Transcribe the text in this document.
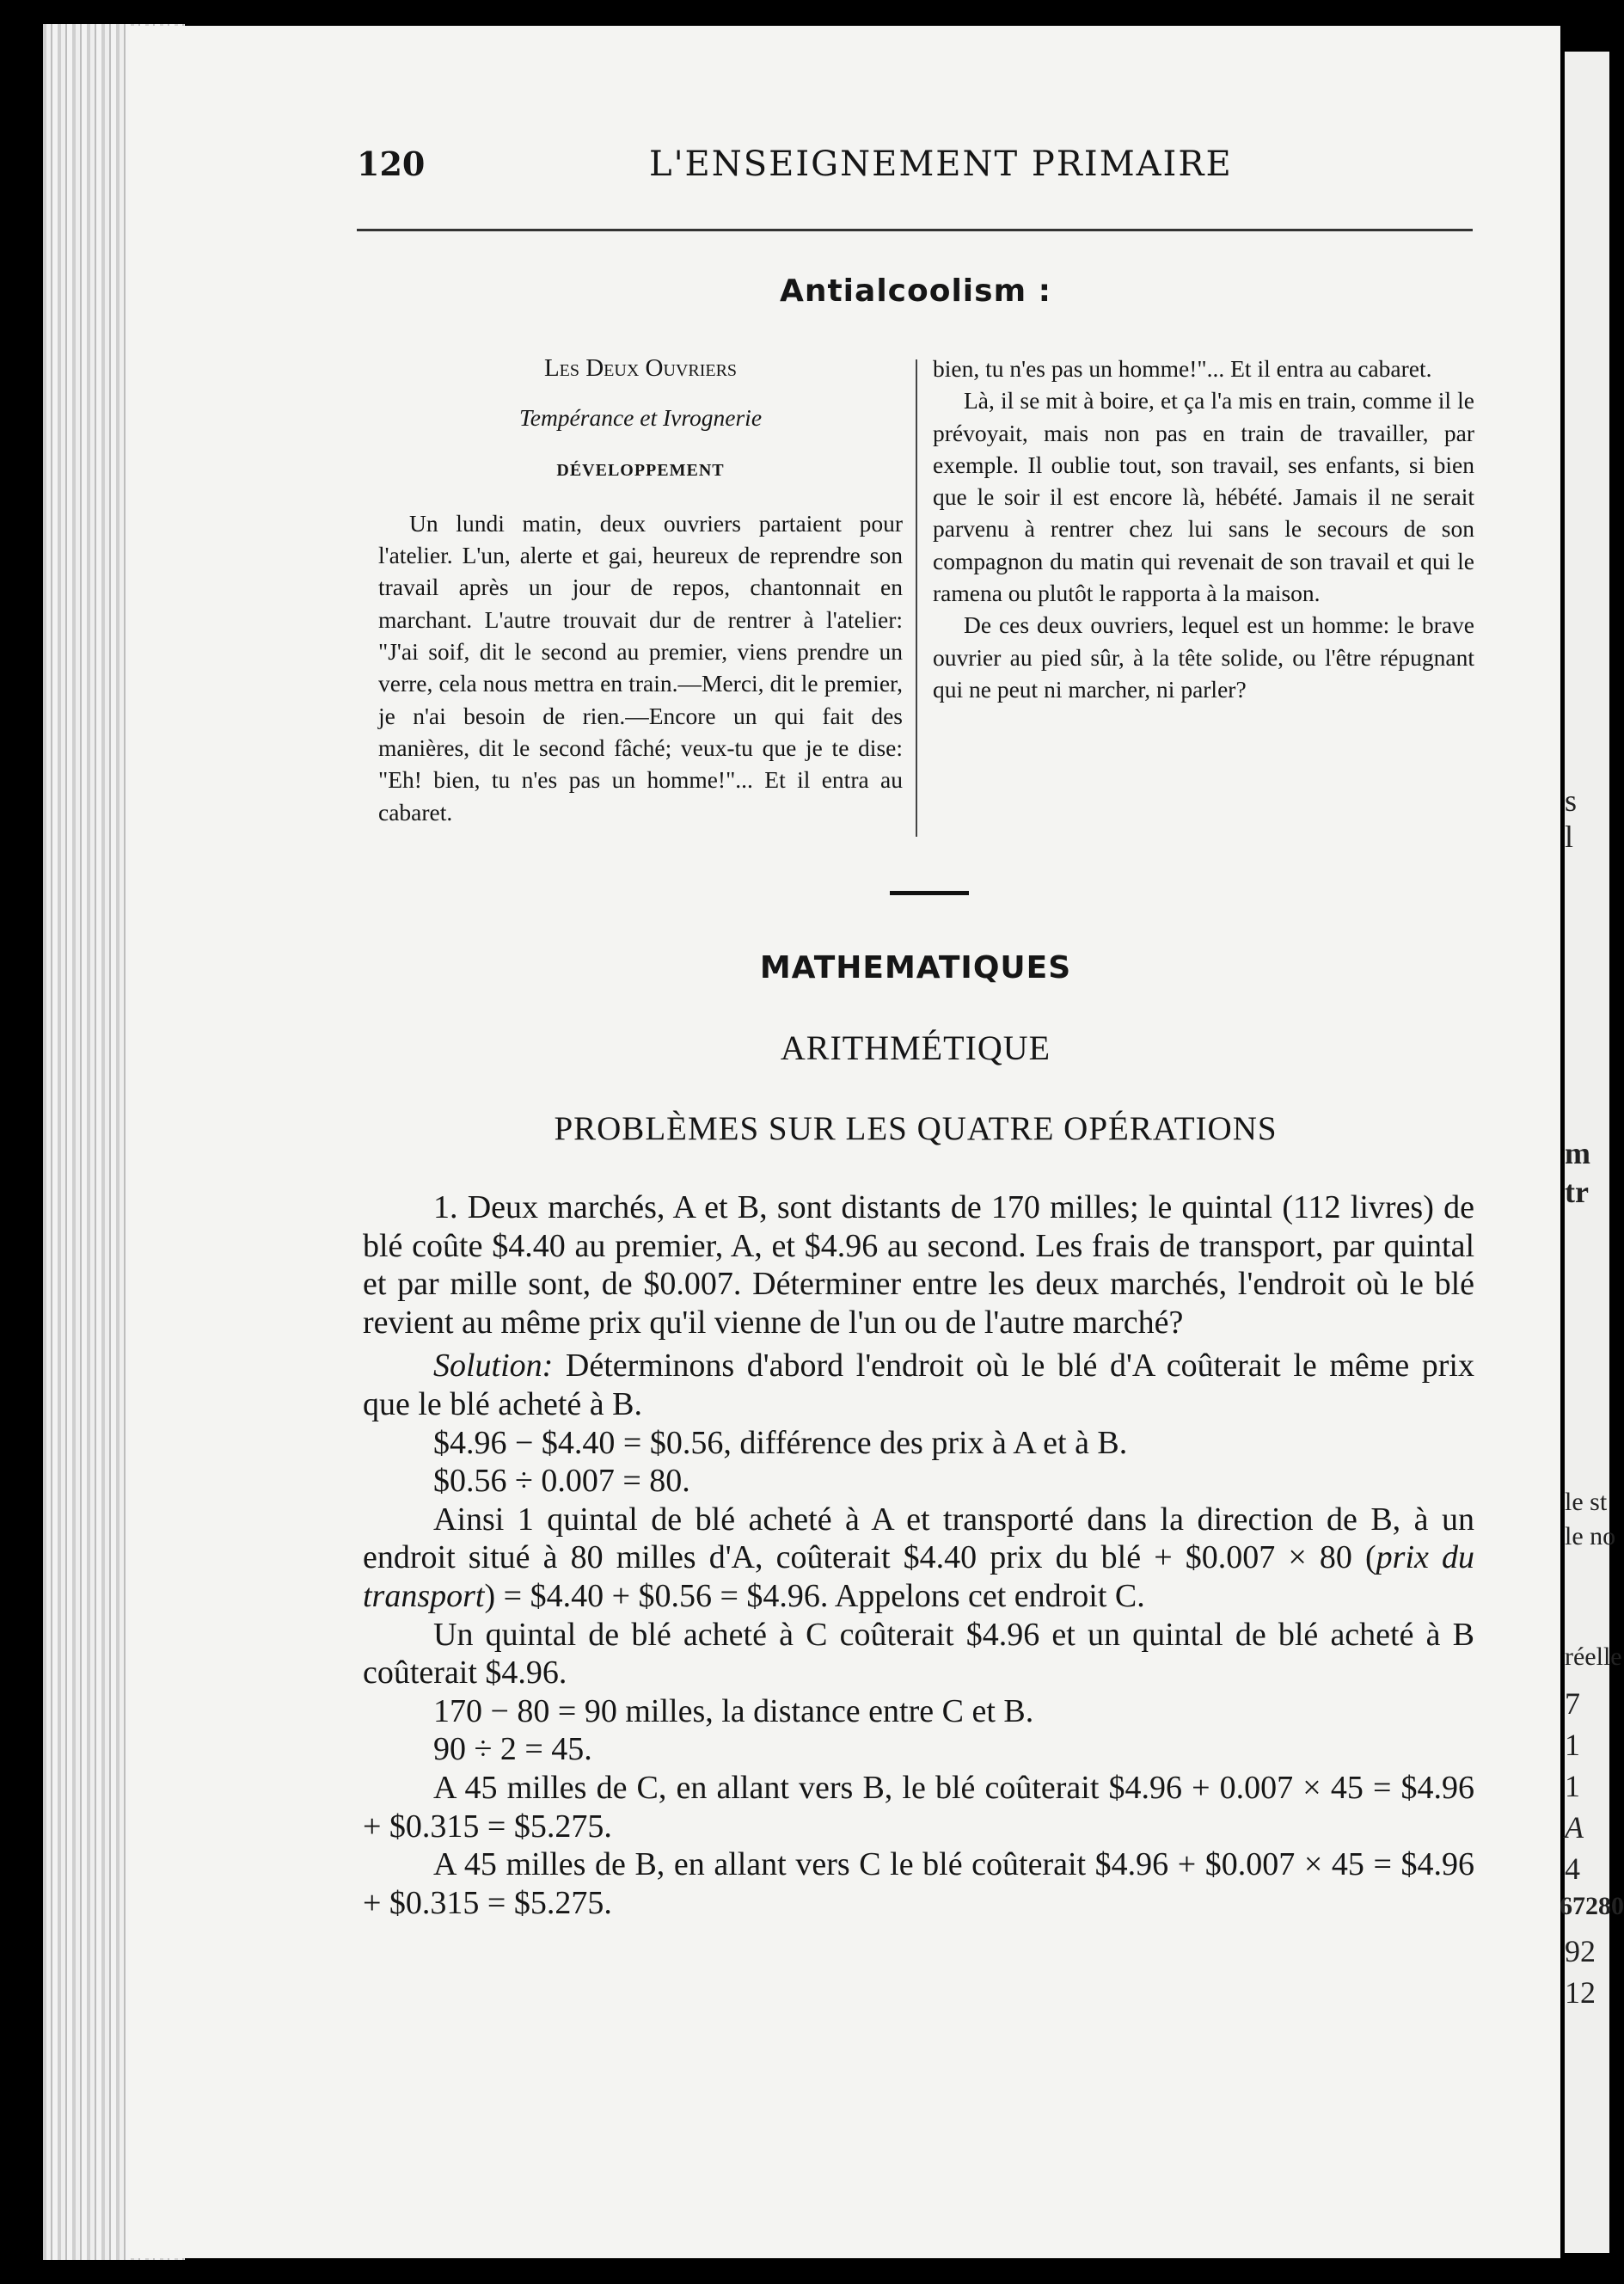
s
l
m
tr
le st
le no
réelle
7
1
1
A
4
67280
92
12
120	L'ENSEIGNEMENT PRIMAIRE
Antialcoolism :
Les Deux Ouvriers
Tempérance et Ivrognerie
DÉVELOPPEMENT

Un lundi matin, deux ouvriers partaient pour l'atelier. L'un, alerte et gai, heureux de reprendre son travail après un jour de repos, chantonnait en marchant. L'autre trouvait dur de rentrer à l'atelier: "J'ai soif, dit le second au premier, viens prendre un verre, cela nous mettra en train.—Merci, dit le premier, je n'ai besoin de rien.—Encore un qui fait des manières, dit le second fâché; veux-tu que je te dise: "Eh! bien, tu n'es pas un homme!"... Et il entra au cabaret.

bien, tu n'es pas un homme!"... Et il entra au cabaret.

Là, il se mit à boire, et ça l'a mis en train, comme il le prévoyait, mais non pas en train de travailler, par exemple. Il oublie tout, son travail, ses enfants, si bien que le soir il est encore là, hébété. Jamais il ne serait parvenu à rentrer chez lui sans le secours de son compagnon du matin qui revenait de son travail et qui le ramena ou plutôt le rapporta à la maison.

De ces deux ouvriers, lequel est un homme: le brave ouvrier au pied sûr, à la tête solide, ou l'être répugnant qui ne peut ni marcher, ni parler?

MATHEMATIQUES
ARITHMÉTIQUE
PROBLÈMES SUR LES QUATRE OPÉRATIONS

1. Deux marchés, A et B, sont distants de 170 milles; le quintal (112 livres) de blé coûte $4.40 au premier, A, et $4.96 au second. Les frais de transport, par quintal et par mille sont, de $0.007. Déterminer entre les deux marchés, l'endroit où le blé revient au même prix qu'il vienne de l'un ou de l'autre marché?

Solution: Déterminons d'abord l'endroit où le blé d'A coûterait le même prix que le blé acheté à B.

$4.96 − $4.40 = $0.56, différence des prix à A et à B.

$0.56 ÷ 0.007 = 80.

Ainsi 1 quintal de blé acheté à A et transporté dans la direction de B, à un endroit situé à 80 milles d'A, coûterait $4.40 prix du blé + $0.007 × 80 (prix du transport) = $4.40 + $0.56 = $4.96. Appelons cet endroit C.

Un quintal de blé acheté à C coûterait $4.96 et un quintal de blé acheté à B coûterait $4.96.

170 − 80 = 90 milles, la distance entre C et B.

90 ÷ 2 = 45.

A 45 milles de C, en allant vers B, le blé coûterait $4.96 + 0.007 × 45 = $4.96 + $0.315 = $5.275.

A 45 milles de B, en allant vers C le blé coûterait $4.96 + $0.007 × 45 = $4.96 + $0.315 = $5.275.
